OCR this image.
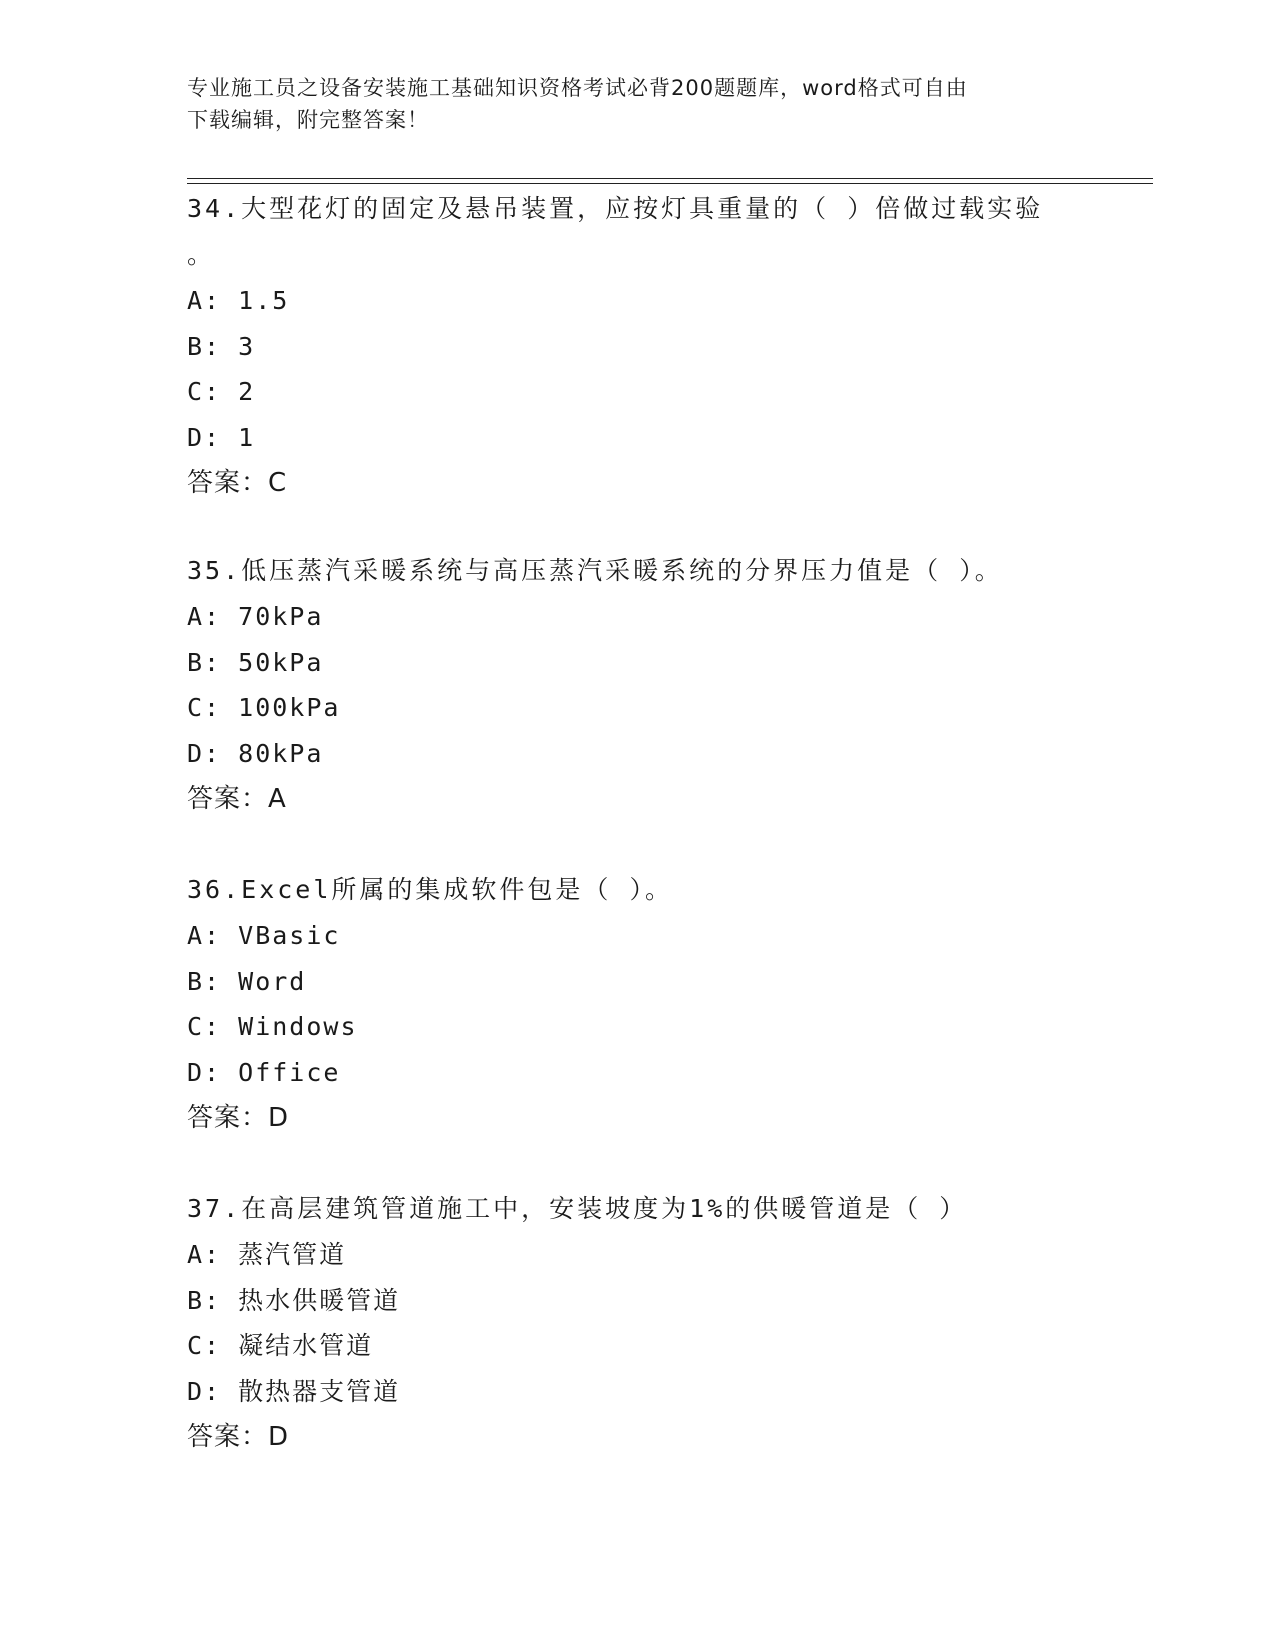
专业施工员之设备安装施工基础知识资格考试必背200题题库，word格式可自由
下载编辑，附完整答案！

34.大型花灯的固定及悬吊装置，应按灯具重量的（ ）倍做过载实验

。

A: 1.5

B: 3

C: 2

D: 1

答案：C

35.低压蒸汽采暖系统与高压蒸汽采暖系统的分界压力值是（ ）。

A: 70kPa

B: 50kPa

C: 100kPa

D: 80kPa

答案：A

36.Excel所属的集成软件包是（ ）。

A: VBasic

B: Word

C: Windows

D: Office

答案：D

37.在高层建筑管道施工中，安装坡度为1%的供暖管道是（ ）

A: 蒸汽管道

B: 热水供暖管道

C: 凝结水管道

D: 散热器支管道

答案：D
